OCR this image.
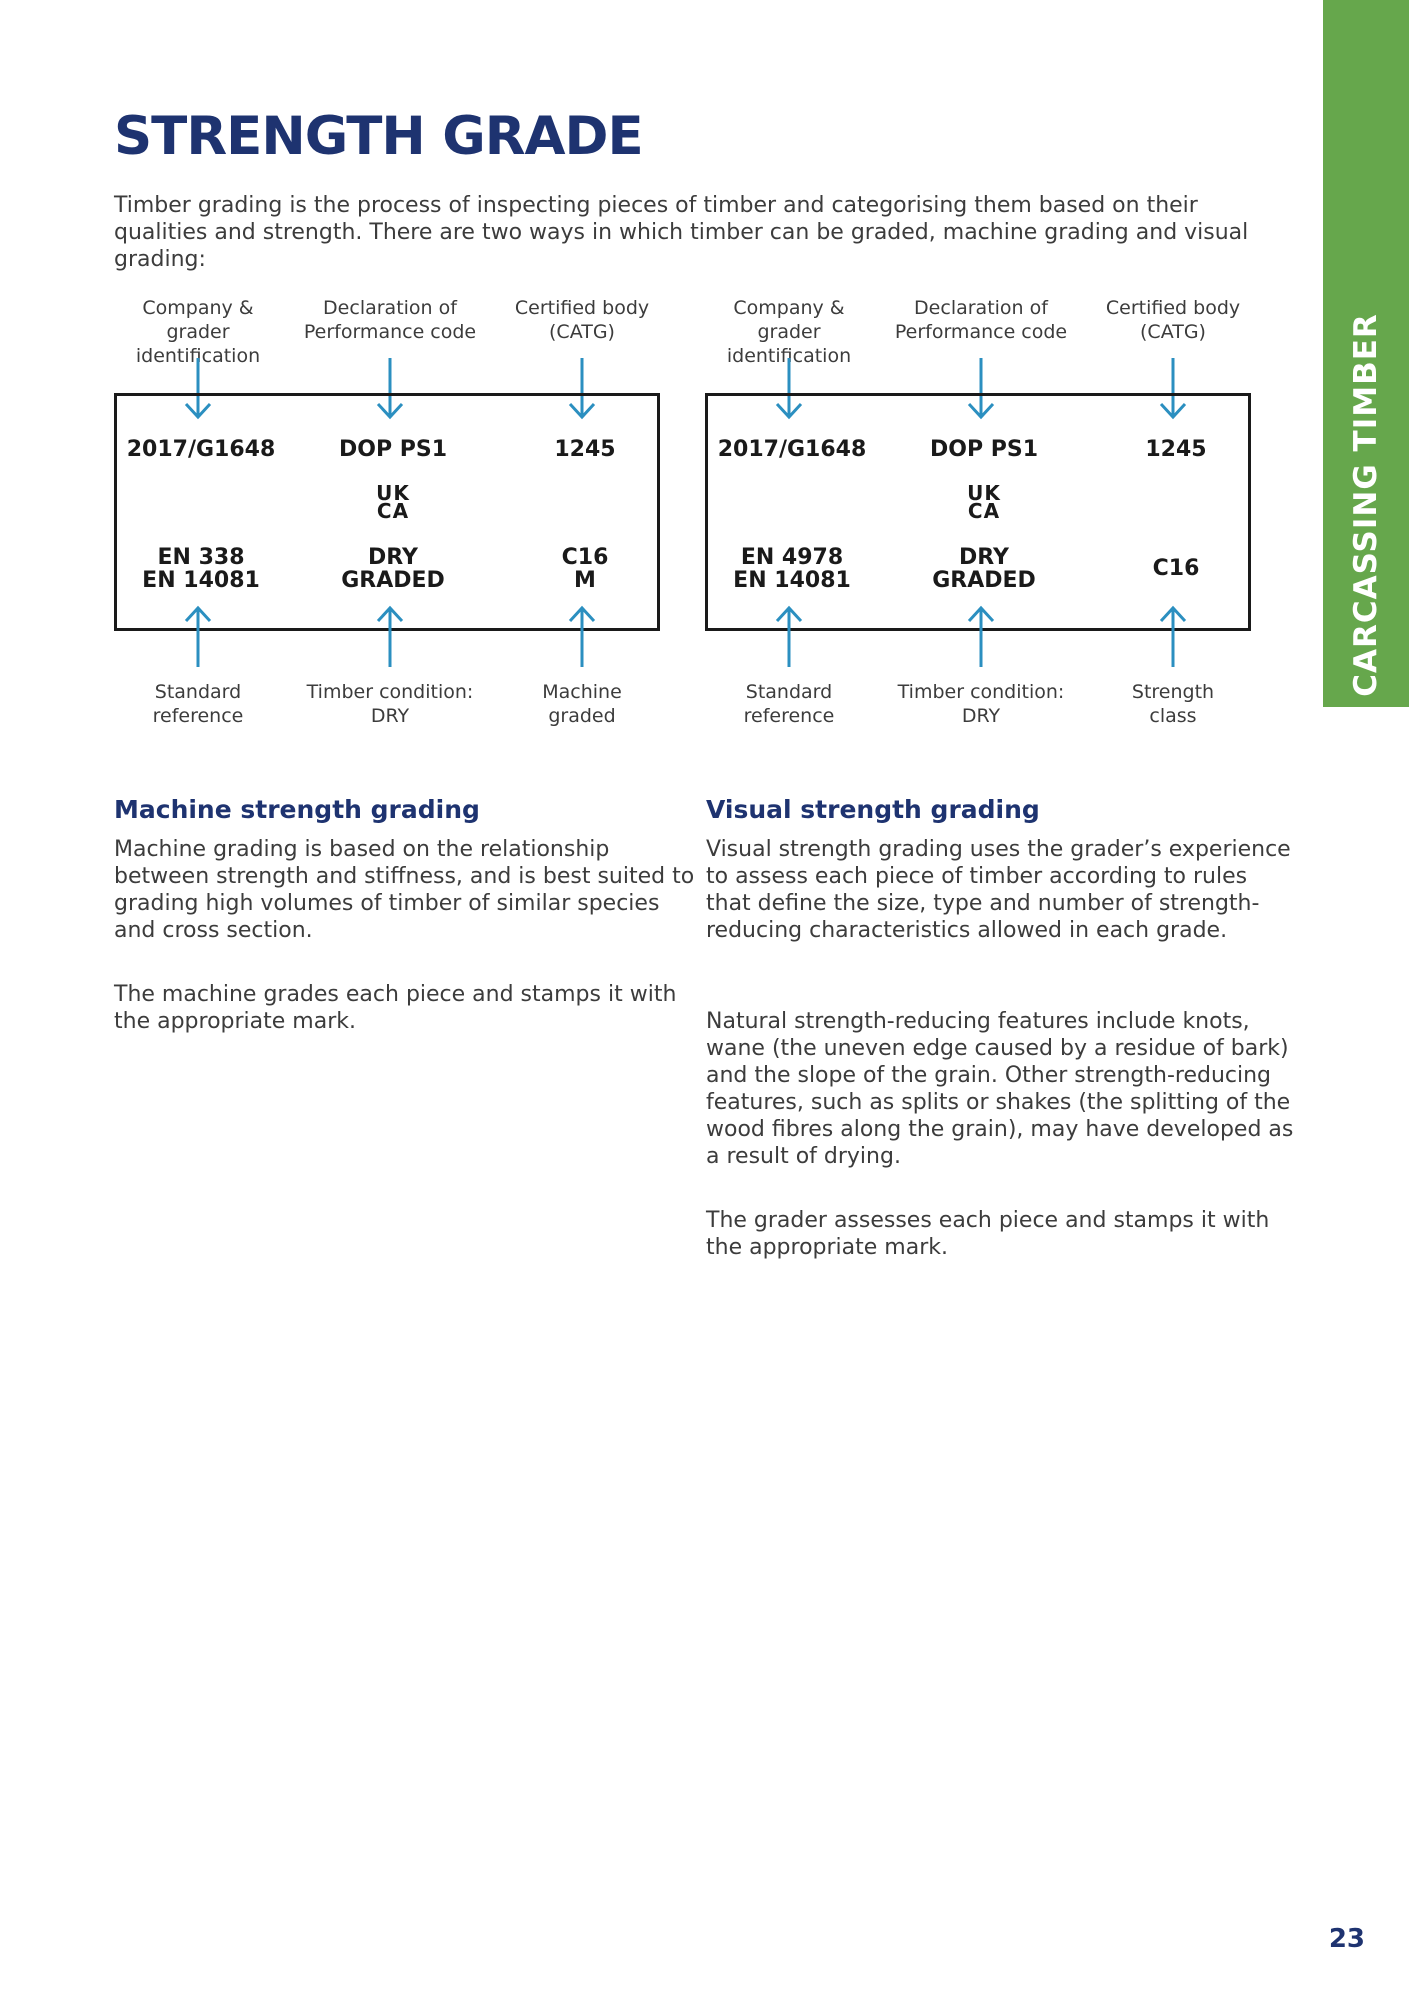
CARCASSING TIMBER
STRENGTH GRADE

Timber grading is the process of inspecting pieces of timber and categorising them based on their qualities and strength. There are two ways in which timber can be graded, machine grading and visual grading:

Company & grader
identification
Declaration of
Performance code
Certified body
(CATG)
2017/G1648	DOP PS1	1245
UK
CA
EN 338
EN 14081
DRY
GRADED
C16
M
Standard
reference
Timber condition:
DRY
Machine
graded
Company & grader
identification
Declaration of
Performance code
Certified body
(CATG)
2017/G1648	DOP PS1	1245
UK
CA
EN 4978
EN 14081
DRY
GRADED	C16
Standard
reference
Timber condition:
DRY
Strength
class
Machine strength grading

Machine grading is based on the relationship between strength and stiffness, and is best suited to grading high volumes of timber of similar species and cross section.

The machine grades each piece and stamps it with the appropriate mark.

Visual strength grading

Visual strength grading uses the grader’s experience to assess each piece of timber according to rules that define the size, type and number of strength-reducing characteristics allowed in each grade.

Natural strength-reducing features include knots, wane (the uneven edge caused by a residue of bark) and the slope of the grain. Other strength-reducing features, such as splits or shakes (the splitting of the wood fibres along the grain), may have developed as a result of drying.

The grader assesses each piece and stamps it with the appropriate mark.

23
